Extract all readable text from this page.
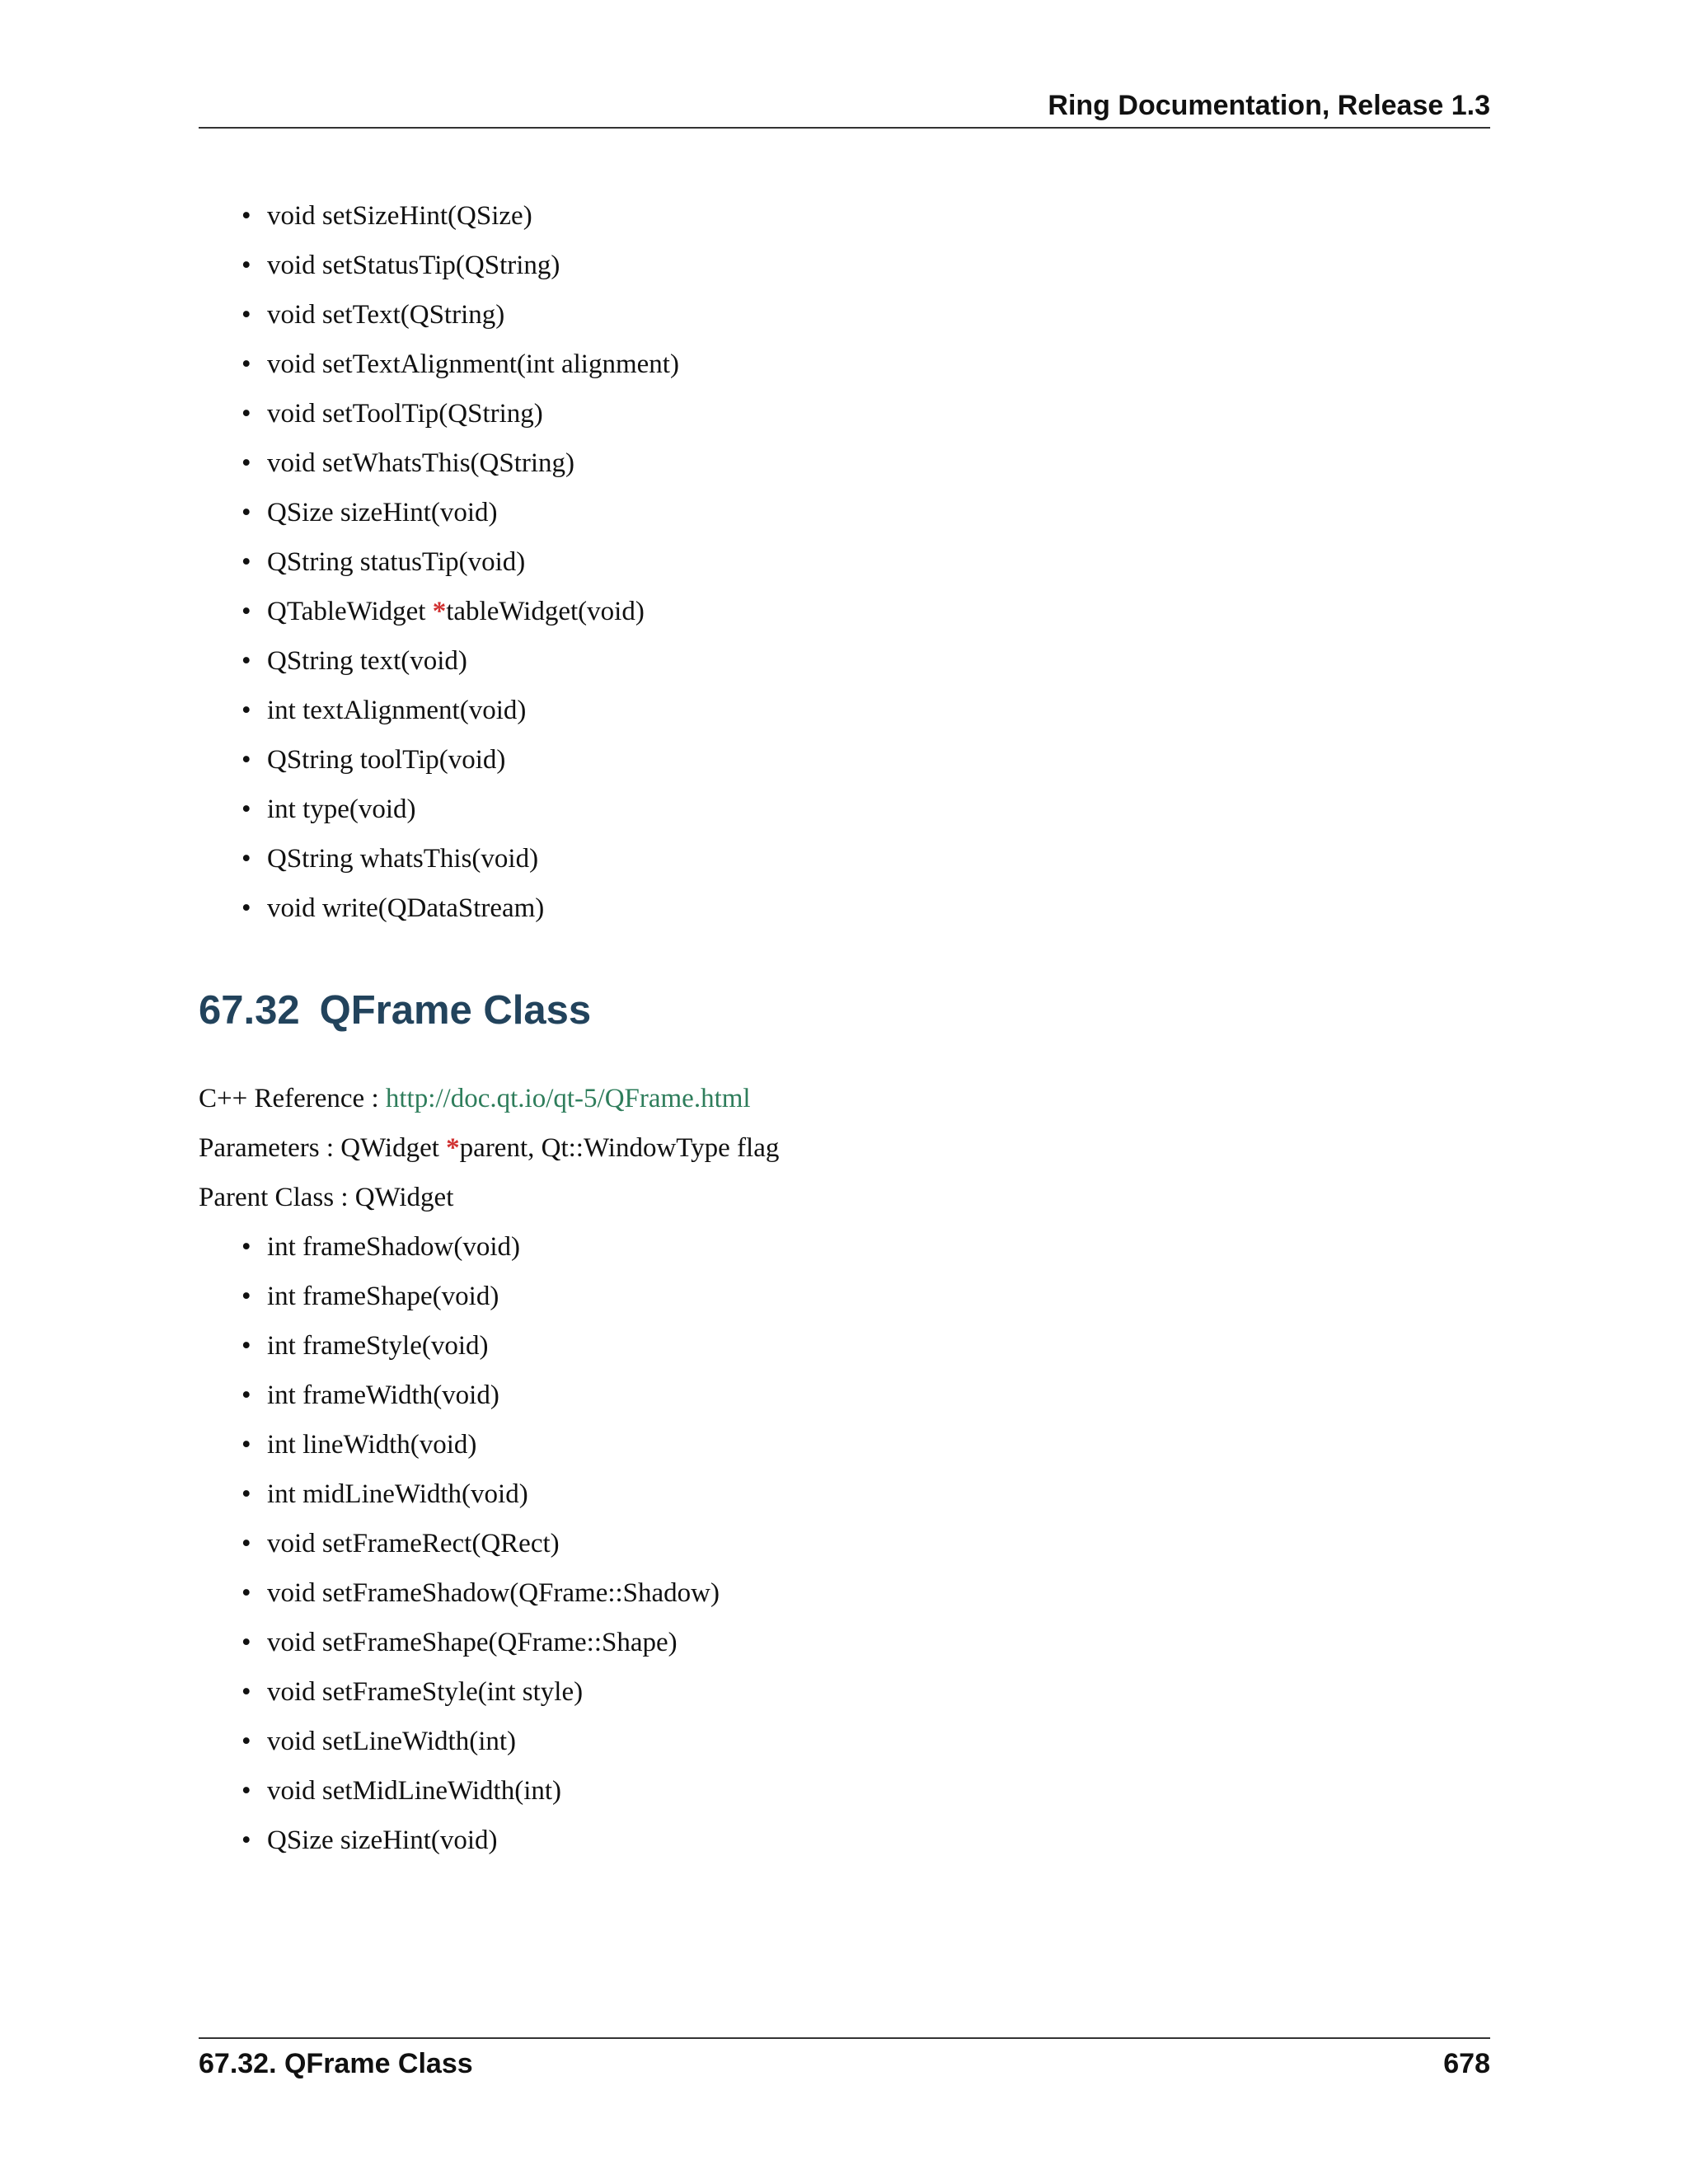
Ring Documentation, Release 1.3
• void setSizeHint(QSize)
• void setStatusTip(QString)
• void setText(QString)
• void setTextAlignment(int alignment)
• void setToolTip(QString)
• void setWhatsThis(QString)
• QSize sizeHint(void)
• QString statusTip(void)
• QTableWidget *tableWidget(void)
• QString text(void)
• int textAlignment(void)
• QString toolTip(void)
• int type(void)
• QString whatsThis(void)
• void write(QDataStream)
67.32 QFrame Class

C++ Reference : http://doc.qt.io/qt-5/QFrame.html

Parameters : QWidget *parent, Qt::WindowType flag

Parent Class : QWidget

• int frameShadow(void)
• int frameShape(void)
• int frameStyle(void)
• int frameWidth(void)
• int lineWidth(void)
• int midLineWidth(void)
• void setFrameRect(QRect)
• void setFrameShadow(QFrame::Shadow)
• void setFrameShape(QFrame::Shape)
• void setFrameStyle(int style)
• void setLineWidth(int)
• void setMidLineWidth(int)
• QSize sizeHint(void)
67.32. QFrame Class	678
